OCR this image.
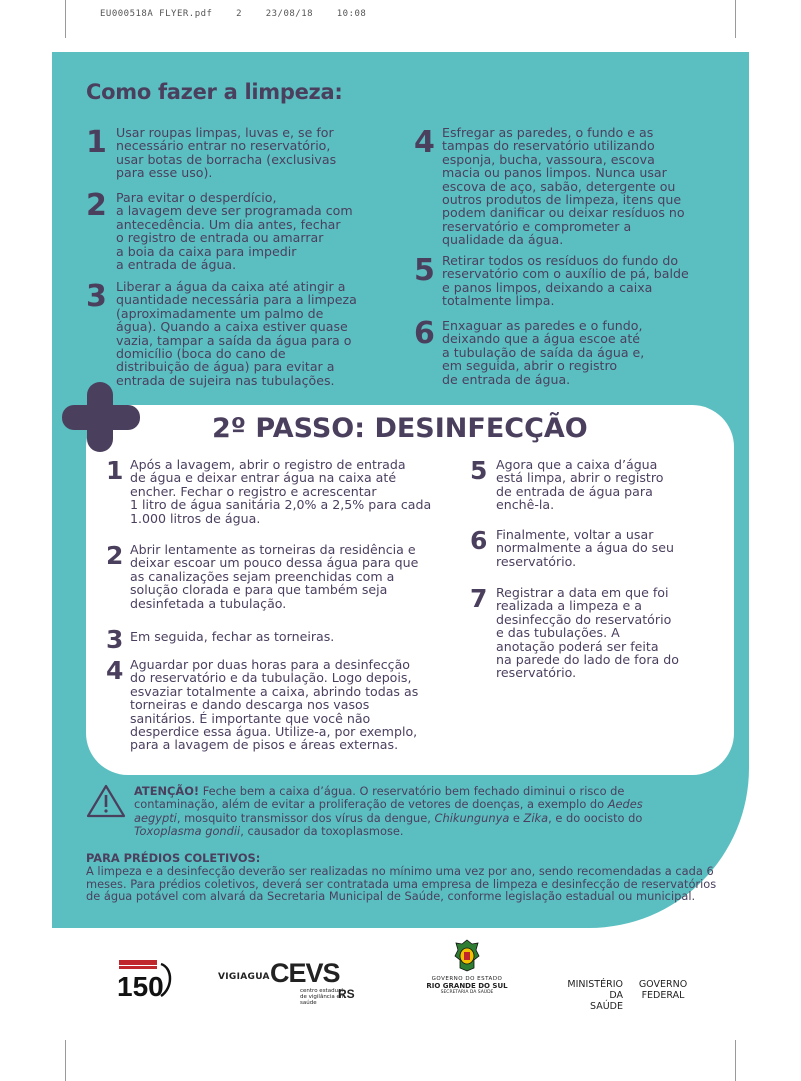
EU000518A FLYER.pdf    2    23/08/18    10:08
Como fazer a limpeza:
1 Usar roupas limpas, luvas e, se for
necessário entrar no reservatório,
usar botas de borracha (exclusivas
para esse uso).
2 Para evitar o desperdício,
a lavagem deve ser programada com
antecedência. Um dia antes, fechar
o registro de entrada ou amarrar
a boia da caixa para impedir
a entrada de água.
3 Liberar a água da caixa até atingir a
quantidade necessária para a limpeza
(aproximadamente um palmo de
água). Quando a caixa estiver quase
vazia, tampar a saída da água para o
domicílio (boca do cano de
distribuição de água) para evitar a
entrada de sujeira nas tubulações.
4 Esfregar as paredes, o fundo e as
tampas do reservatório utilizando
esponja, bucha, vassoura, escova
macia ou panos limpos. Nunca usar
escova de aço, sabão, detergente ou
outros produtos de limpeza, itens que
podem danificar ou deixar resíduos no
reservatório e comprometer a
qualidade da água.
5 Retirar todos os resíduos do fundo do
reservatório com o auxílio de pá, balde
e panos limpos, deixando a caixa
totalmente limpa.
6 Enxaguar as paredes e o fundo,
deixando que a água escoe até
a tubulação de saída da água e,
em seguida, abrir o registro
de entrada de água.
2º PASSO: DESINFECÇÃO
1 Após a lavagem, abrir o registro de entrada
de água e deixar entrar água na caixa até
encher. Fechar o registro e acrescentar
1 litro de água sanitária 2,0% a 2,5% para cada
1.000 litros de água.
2 Abrir lentamente as torneiras da residência e
deixar escoar um pouco dessa água para que
as canalizações sejam preenchidas com a
solução clorada e para que também seja
desinfetada a tubulação.
3 Em seguida, fechar as torneiras.
4 Aguardar por duas horas para a desinfecção
do reservatório e da tubulação. Logo depois,
esvaziar totalmente a caixa, abrindo todas as
torneiras e dando descarga nos vasos
sanitários. É importante que você não
desperdice essa água. Utilize-a, por exemplo,
para a lavagem de pisos e áreas externas.
5 Agora que a caixa d’água
está limpa, abrir o registro
de entrada de água para
enchê-la.
6 Finalmente, voltar a usar
normalmente a água do seu
reservatório.
7 Registrar a data em que foi
realizada a limpeza e a
desinfecção do reservatório
e das tubulações. A
anotação poderá ser feita
na parede do lado de fora do
reservatório.
ATENÇÃO! Feche bem a caixa d’água. O reservatório bem fechado diminui o risco de contaminação, além de evitar a proliferação de vetores de doenças, a exemplo do Aedes aegypti, mosquito transmissor dos vírus da dengue, Chikungunya e Zika, e do oocisto do Toxoplasma gondii, causador da toxoplasmose.
PARA PRÉDIOS COLETIVOS:
A limpeza e a desinfecção deverão ser realizadas no mínimo uma vez por ano, sendo recomendadas a cada 6 meses. Para prédios coletivos, deverá ser contratada uma empresa de limpeza e desinfecção de reservatórios de água potável com alvará da Secretaria Municipal de Saúde, conforme legislação estadual ou municipal.
150	VIGIAGUA CEVS
centro estadual de vigilância em saúde
RS
GOVERNO DO ESTADO
RIO GRANDE DO SUL
SECRETARIA DA SAÚDE
MINISTÉRIO DA
SAÚDE
GOVERNO
FEDERAL
